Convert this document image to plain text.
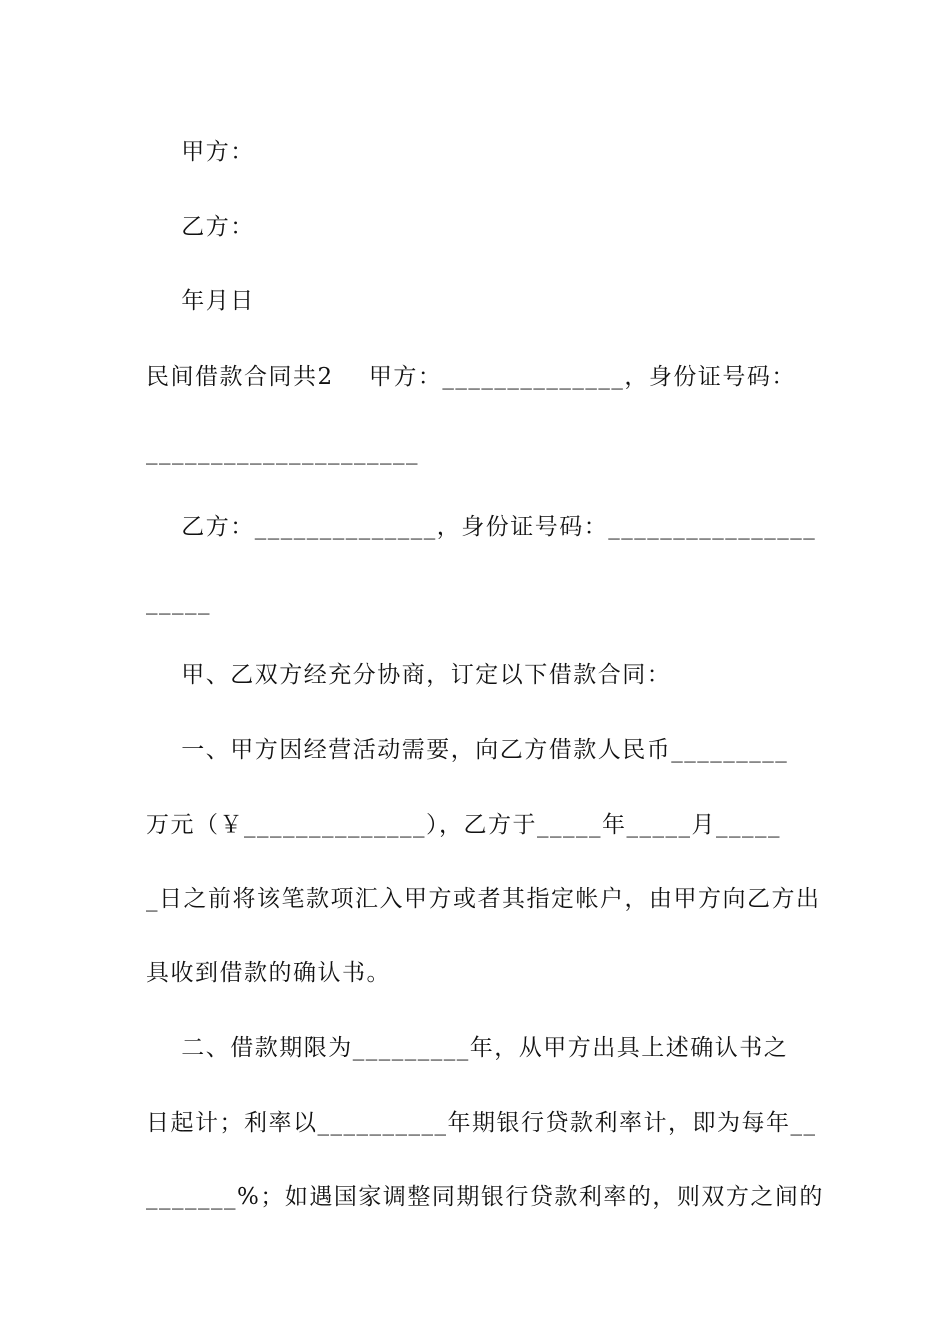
甲方：
乙方：
年月日
民间借款合同共2    甲方：______________，身份证号码：
_____________________
乙方：______________，身份证号码：________________
_____
甲、乙双方经充分协商，订定以下借款合同：
一、甲方因经营活动需要，向乙方借款人民币_________
万元（￥______________），乙方于_____年_____月_____
_日之前将该笔款项汇入甲方或者其指定帐户，由甲方向乙方出
具收到借款的确认书。
二、借款期限为_________年，从甲方出具上述确认书之
日起计；利率以__________年期银行贷款利率计，即为每年__
_______%；如遇国家调整同期银行贷款利率的，则双方之间的
